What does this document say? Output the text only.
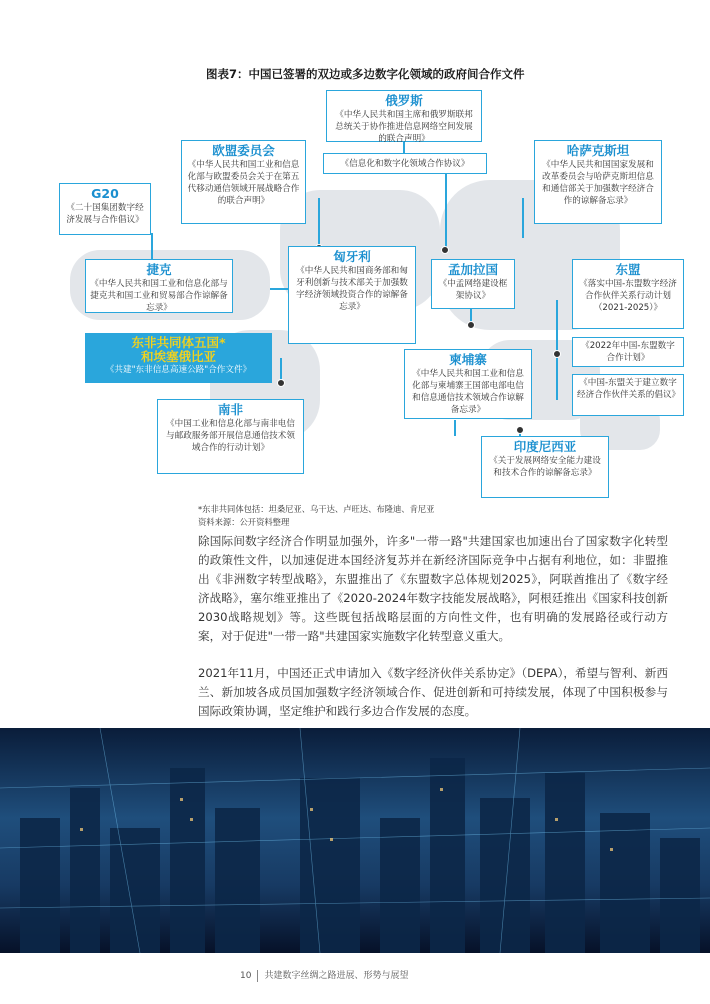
图表7：中国已签署的双边或多边数字化领域的政府间合作文件
俄罗斯
《中华人民共和国主席和俄罗斯联邦总统关于协作推进信息网络空间发展的联合声明》
《信息化和数字化领域合作协议》
欧盟委员会
《中华人民共和国工业和信息化部与欧盟委员会关于在第五代移动通信领域开展战略合作的联合声明》
哈萨克斯坦
《中华人民共和国国家发展和改革委员会与哈萨克斯坦信息和通信部关于加强数字经济合作的谅解备忘录》
G20
《二十国集团数字经济发展与合作倡议》
捷克
《中华人民共和国工业和信息化部与捷克共和国工业和贸易部合作谅解备忘录》
匈牙利
《中华人民共和国商务部和匈牙利创新与技术部关于加强数字经济领域投资合作的谅解备忘录》
孟加拉国
《中孟网络建设框架协议》
东盟
《落实中国-东盟数字经济合作伙伴关系行动计划（2021-2025）》
《2022年中国-东盟数字合作计划》
《中国-东盟关于建立数字经济合作伙伴关系的倡议》
东非共同体五国*
和埃塞俄比亚
《共建"东非信息高速公路"合作文件》
柬埔寨
《中华人民共和国工业和信息化部与柬埔寨王国部电部电信和信息通信技术领域合作谅解备忘录》
南非
《中国工业和信息化部与南非电信与邮政服务部开展信息通信技术领域合作的行动计划》	印度尼西亚
《关于发展网络安全能力建设和技术合作的谅解备忘录》
*东非共同体包括：坦桑尼亚、乌干达、卢旺达、布隆迪、肯尼亚
资料来源：公开资料整理
除国际间数字经济合作明显加强外，许多"一带一路"共建国家也加速出台了国家数字化转型的政策性文件，以加速促进本国经济复苏并在新经济国际竞争中占据有利地位，如：非盟推出《非洲数字转型战略》，东盟推出了《东盟数字总体规划2025》，阿联酋推出了《数字经济战略》，塞尔维亚推出了《2020-2024年数字技能发展战略》，阿根廷推出《国家科技创新2030战略规划》等。这些既包括战略层面的方向性文件，也有明确的发展路径或行动方案，对于促进"一带一路"共建国家实施数字化转型意义重大。
2021年11月，中国还正式申请加入《数字经济伙伴关系协定》（DEPA），希望与智利、新西兰、新加坡各成员国加强数字经济领域合作、促进创新和可持续发展，体现了中国积极参与国际政策协调，坚定维护和践行多边合作发展的态度。
10 共建数字丝绸之路进展、形势与展望
